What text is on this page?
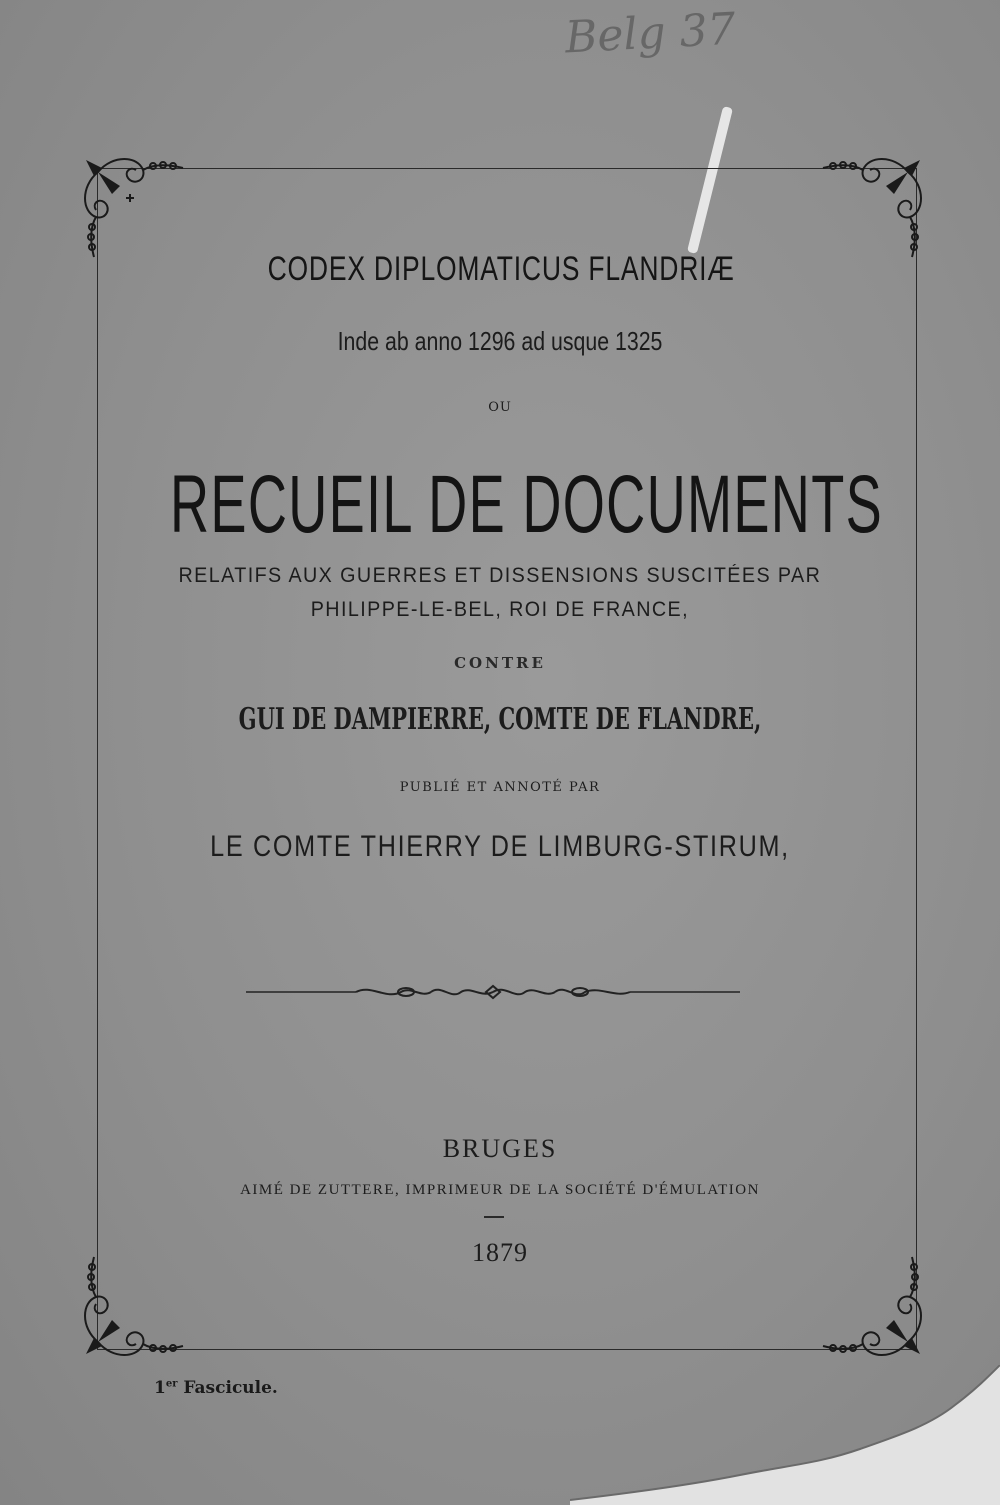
Belg 37
CODEX DIPLOMATICUS FLANDRIÆ
Inde ab anno 1296 ad usque 1325
OU
RECUEIL DE DOCUMENTS
RELATIFS AUX GUERRES ET DISSENSIONS SUSCITÉES PAR
PHILIPPE-LE-BEL, ROI DE FRANCE,
CONTRE
GUI DE DAMPIERRE, COMTE DE FLANDRE,
PUBLIÉ ET ANNOTÉ PAR
LE COMTE THIERRY DE LIMBURG-STIRUM,
BRUGES
AIMÉ DE ZUTTERE, IMPRIMEUR DE LA SOCIÉTÉ D'ÉMULATION
1879
1er Fascicule.
